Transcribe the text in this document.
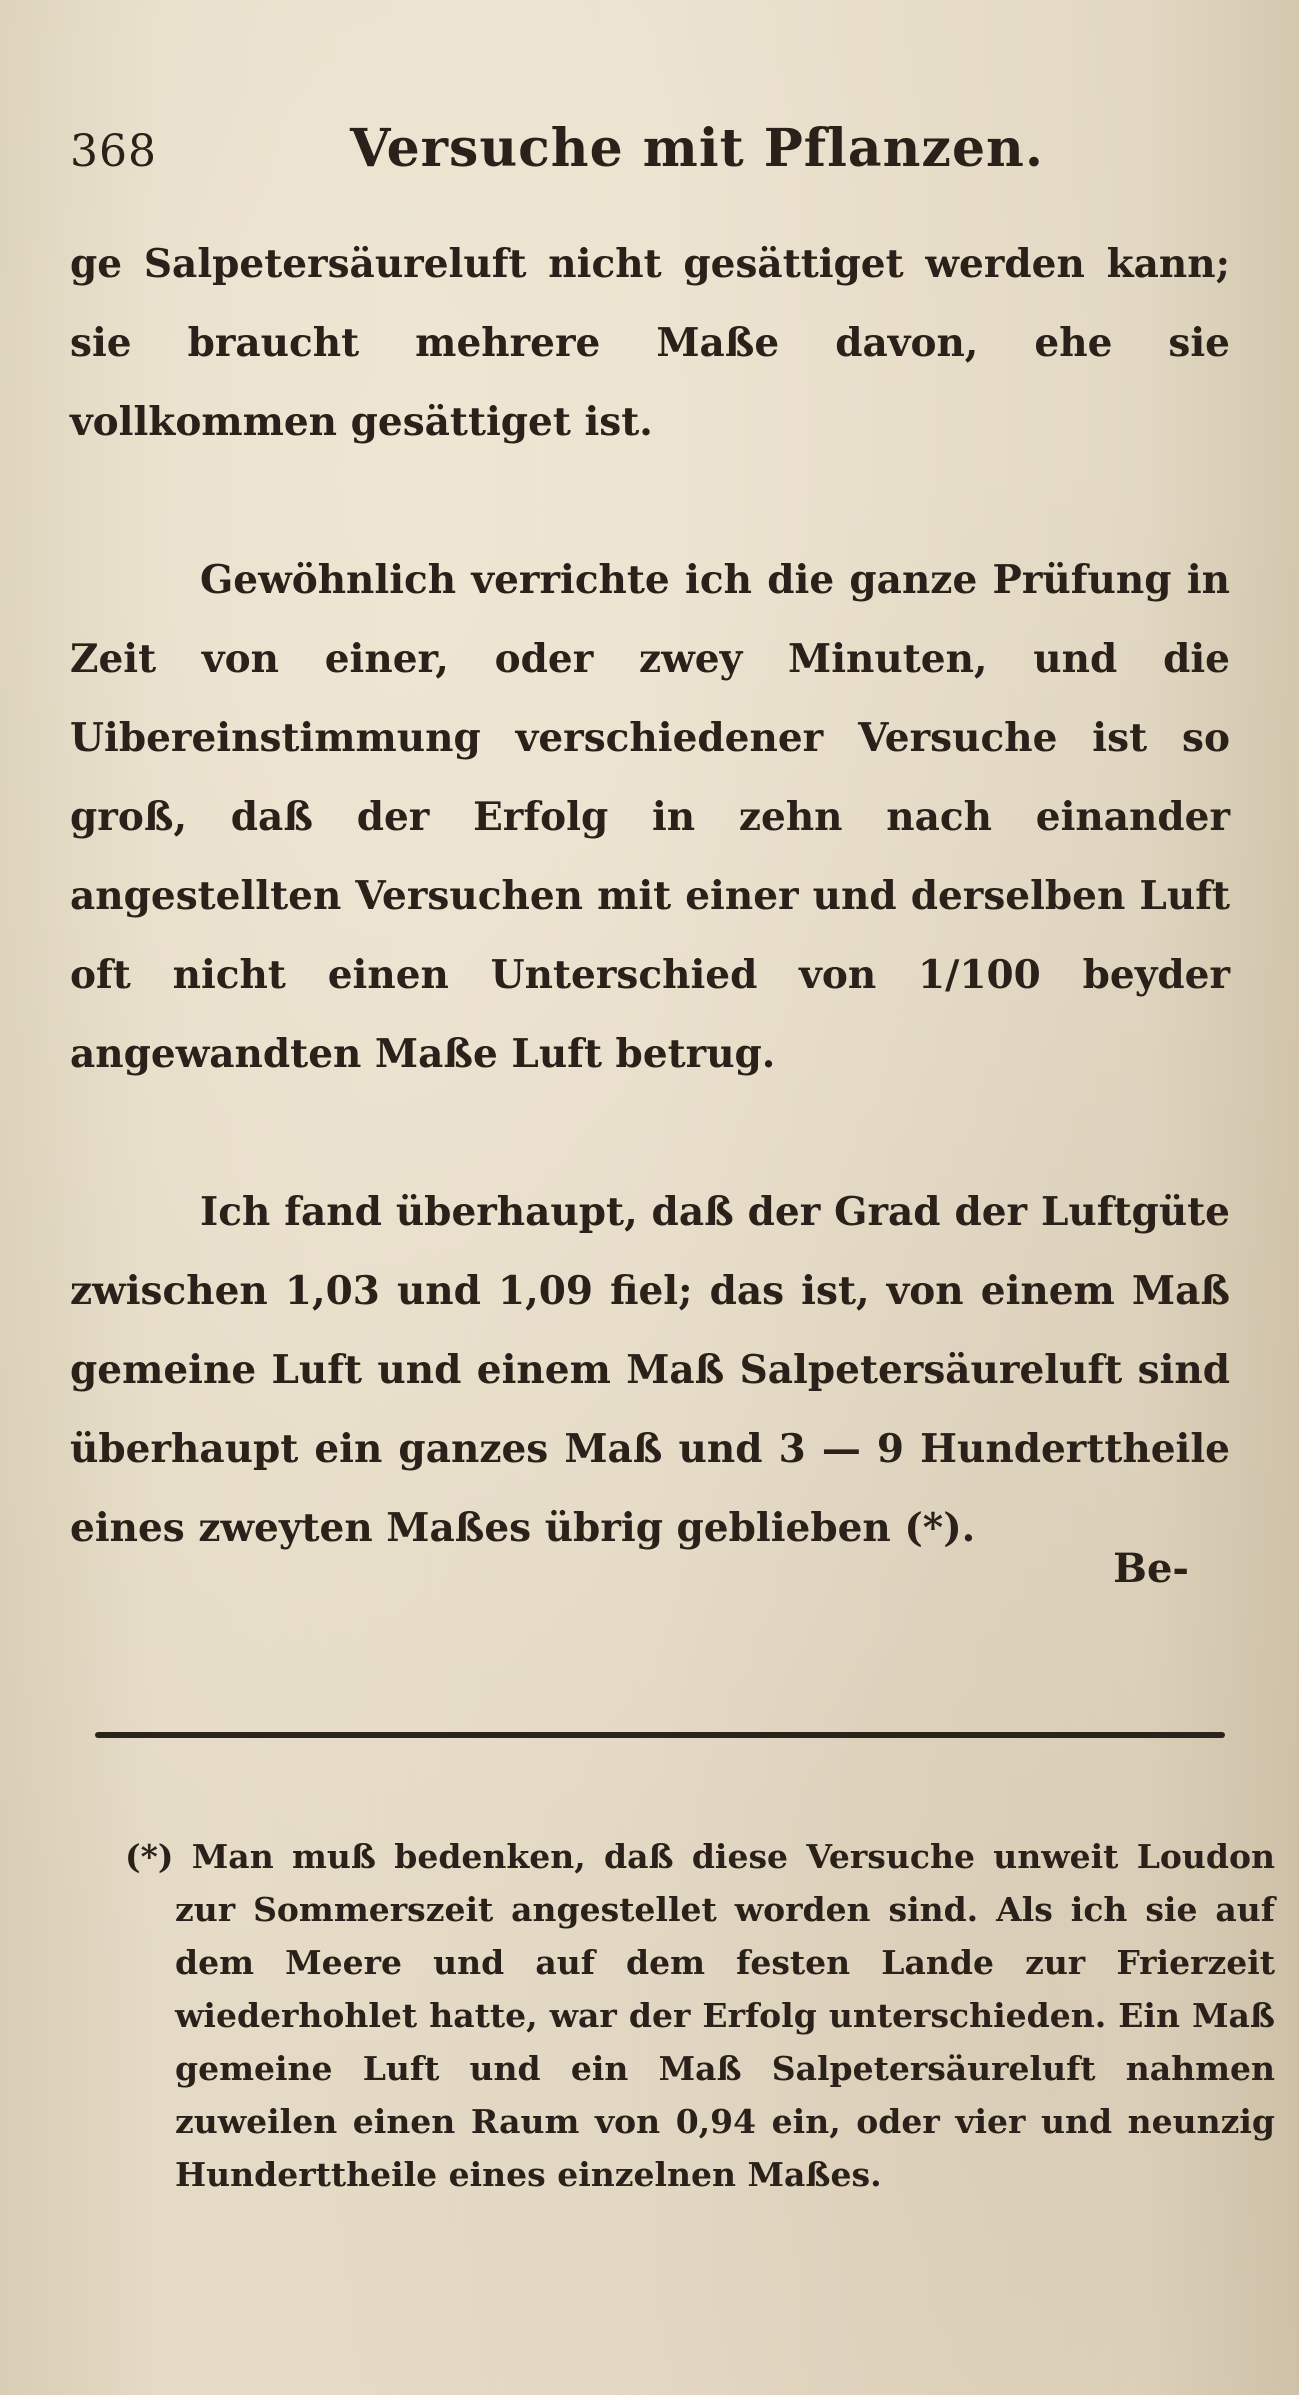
368	Versuche mit Pflanzen.

ge Salpetersäureluft nicht gesättiget werden kann; sie braucht mehrere Maße davon, ehe sie vollkommen gesättiget ist.

Gewöhnlich verrichte ich die ganze Prüfung in Zeit von einer, oder zwey Minuten, und die Uibereinstimmung verschiedener Versuche ist so groß, daß der Erfolg in zehn nach einander angestellten Versuchen mit einer und derselben Luft oft nicht einen Unterschied von 1/100 beyder angewandten Maße Luft betrug.

Ich fand überhaupt, daß der Grad der Luftgüte zwischen 1,03 und 1,09 fiel; das ist, von einem Maß gemeine Luft und einem Maß Salpetersäureluft sind überhaupt ein ganzes Maß und 3 — 9 Hunderttheile eines zweyten Maßes übrig geblieben (*).

Be-

(*) Man muß bedenken, daß diese Versuche unweit Loudon zur Sommerszeit angestellet worden sind. Als ich sie auf dem Meere und auf dem festen Lande zur Frierzeit wiederhohlet hatte, war der Erfolg unterschieden. Ein Maß gemeine Luft und ein Maß Salpetersäureluft nahmen zuweilen einen Raum von 0,94 ein, oder vier und neunzig Hunderttheile eines einzelnen Maßes.
